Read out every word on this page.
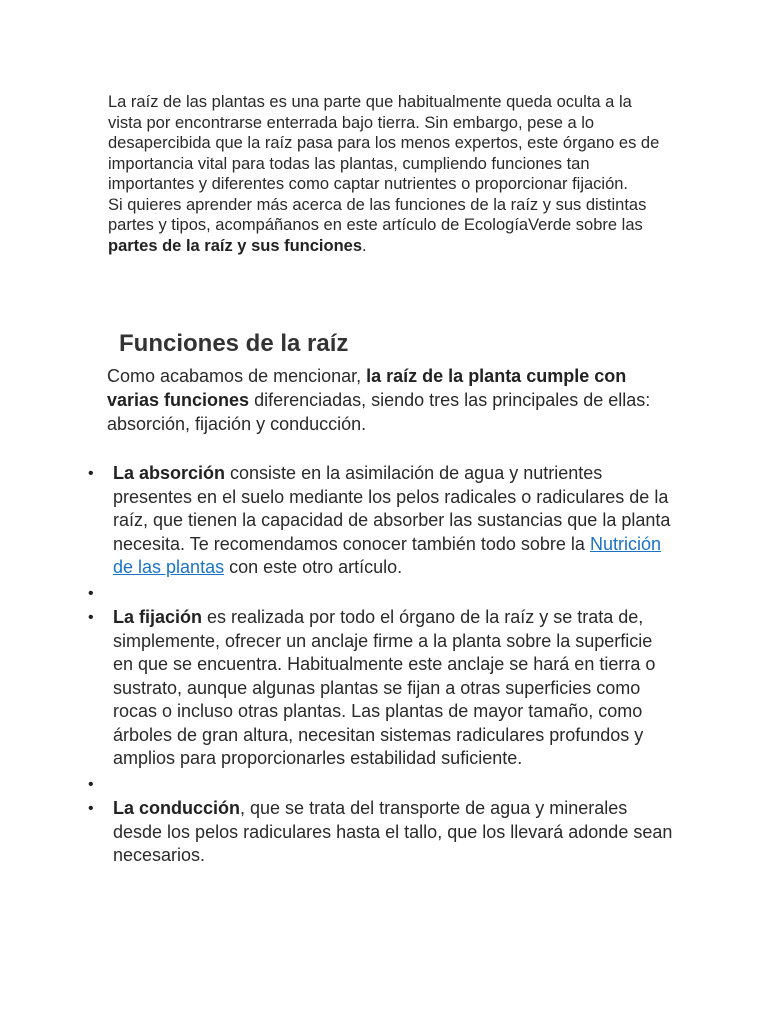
La raíz de las plantas es una parte que habitualmente queda oculta a la vista por encontrarse enterrada bajo tierra. Sin embargo, pese a lo desapercibida que la raíz pasa para los menos expertos, este órgano es de importancia vital para todas las plantas, cumpliendo funciones tan importantes y diferentes como captar nutrientes o proporcionar fijación.

Si quieres aprender más acerca de las funciones de la raíz y sus distintas partes y tipos, acompáñanos en este artículo de EcologíaVerde sobre las partes de la raíz y sus funciones.

Funciones de la raíz

Como acabamos de mencionar, la raíz de la planta cumple con varias funciones diferenciadas, siendo tres las principales de ellas: absorción, fijación y conducción.

• La absorción consiste en la asimilación de agua y nutrientes presentes en el suelo mediante los pelos radicales o radiculares de la raíz, que tienen la capacidad de absorber las sustancias que la planta necesita. Te recomendamos conocer también todo sobre la Nutrición de las plantas con este otro artículo.
•
• La fijación es realizada por todo el órgano de la raíz y se trata de, simplemente, ofrecer un anclaje firme a la planta sobre la superficie en que se encuentra. Habitualmente este anclaje se hará en tierra o sustrato, aunque algunas plantas se fijan a otras superficies como rocas o incluso otras plantas. Las plantas de mayor tamaño, como árboles de gran altura, necesitan sistemas radiculares profundos y amplios para proporcionarles estabilidad suficiente.
•
• La conducción, que se trata del transporte de agua y minerales desde los pelos radiculares hasta el tallo, que los llevará adonde sean necesarios.
